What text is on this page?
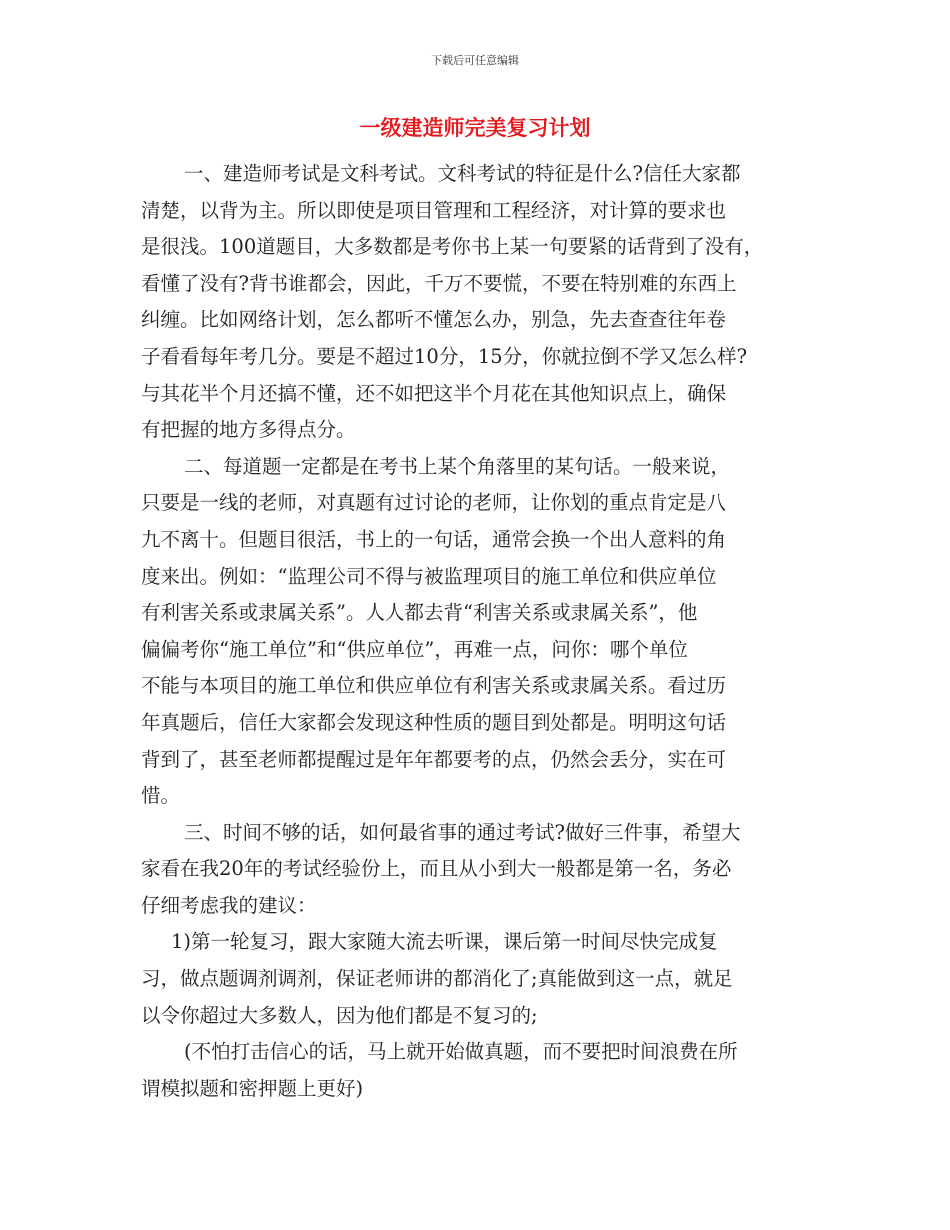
下载后可任意编辑
一级建造师完美复习计划
一、建造师考试是文科考试。文科考试的特征是什么?信任大家都
清楚，以背为主。所以即使是项目管理和工程经济，对计算的要求也
是很浅。100道题目，大多数都是考你书上某一句要紧的话背到了没有，
看懂了没有?背书谁都会，因此，千万不要慌，不要在特别难的东西上
纠缠。比如网络计划，怎么都听不懂怎么办，别急，先去查查往年卷
子看看每年考几分。要是不超过10分，15分，你就拉倒不学又怎么样?
与其花半个月还搞不懂，还不如把这半个月花在其他知识点上，确保
有把握的地方多得点分。
二、每道题一定都是在考书上某个角落里的某句话。一般来说，
只要是一线的老师，对真题有过讨论的老师，让你划的重点肯定是八
九不离十。但题目很活，书上的一句话，通常会换一个出人意料的角
度来出。例如：“监理公司不得与被监理项目的施工单位和供应单位
有利害关系或隶属关系”。人人都去背“利害关系或隶属关系”，他
偏偏考你“施工单位”和“供应单位”，再难一点，问你：哪个单位
不能与本项目的施工单位和供应单位有利害关系或隶属关系。看过历
年真题后，信任大家都会发现这种性质的题目到处都是。明明这句话
背到了，甚至老师都提醒过是年年都要考的点，仍然会丢分，实在可
惜。
三、时间不够的话，如何最省事的通过考试?做好三件事，希望大
家看在我20年的考试经验份上，而且从小到大一般都是第一名，务必
仔细考虑我的建议：
1)第一轮复习，跟大家随大流去听课，课后第一时间尽快完成复
习，做点题调剂调剂，保证老师讲的都消化了;真能做到这一点，就足
以令你超过大多数人，因为他们都是不复习的;
(不怕打击信心的话，马上就开始做真题，而不要把时间浪费在所
谓模拟题和密押题上更好)
